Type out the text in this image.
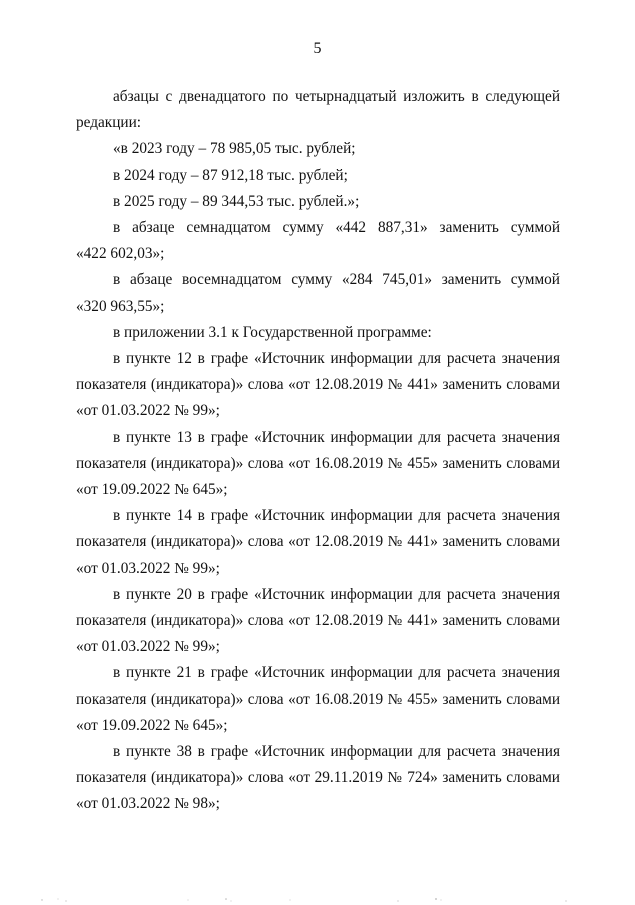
5
абзацы с двенадцатого по четырнадцатый изложить в следующей
редакции:
«в 2023 году – 78 985,05 тыс. рублей;
в 2024 году – 87 912,18 тыс. рублей;
в 2025 году – 89 344,53 тыс. рублей.»;
в абзаце семнадцатом сумму «442 887,31» заменить суммой
«422 602,03»;
в абзаце восемнадцатом сумму «284 745,01» заменить суммой
«320 963,55»;
в приложении 3.1 к Государственной программе:
в пункте 12 в графе «Источник информации для расчета значения
показателя (индикатора)» слова «от 12.08.2019 № 441» заменить словами
«от 01.03.2022 № 99»;
в пункте 13 в графе «Источник информации для расчета значения
показателя (индикатора)» слова «от 16.08.2019 № 455» заменить словами
«от 19.09.2022 № 645»;
в пункте 14 в графе «Источник информации для расчета значения
показателя (индикатора)» слова «от 12.08.2019 № 441» заменить словами
«от 01.03.2022 № 99»;
в пункте 20 в графе «Источник информации для расчета значения
показателя (индикатора)» слова «от 12.08.2019 № 441» заменить словами
«от 01.03.2022 № 99»;
в пункте 21 в графе «Источник информации для расчета значения
показателя (индикатора)» слова «от 16.08.2019 № 455» заменить словами
«от 19.09.2022 № 645»;
в пункте 38 в графе «Источник информации для расчета значения
показателя (индикатора)» слова «от 29.11.2019 № 724» заменить словами
«от 01.03.2022 № 98»;
